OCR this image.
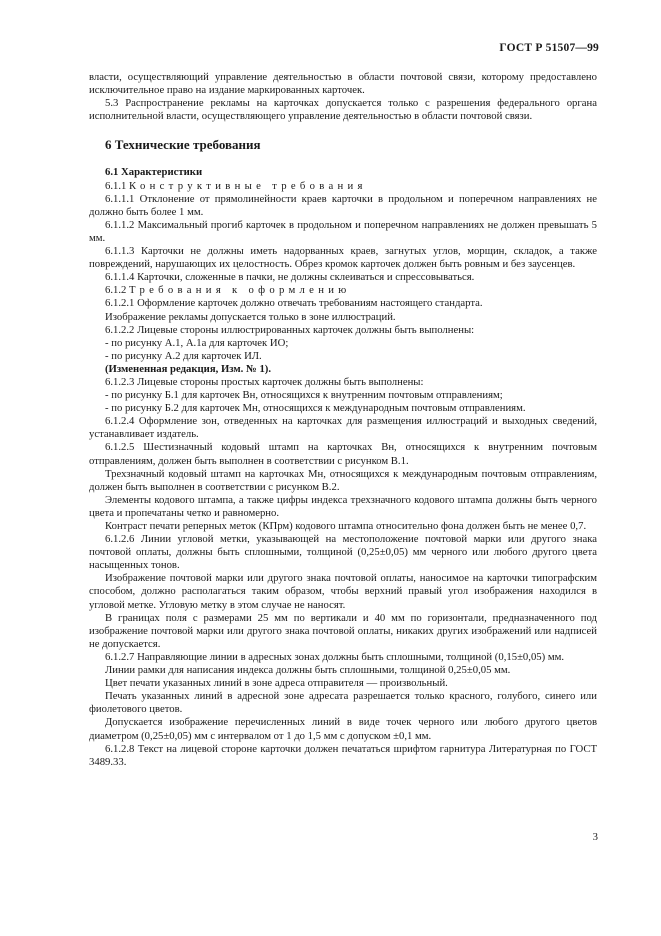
ГОСТ Р 51507—99

власти, осуществляющий управление деятельностью в области почтовой связи, которому предоставлено исключительное право на издание маркированных карточек.

5.3 Распространение рекламы на карточках допускается только с разрешения федерального органа исполнительной власти, осуществляющего управление деятельностью в области почтовой связи.

6 Технические требования

6.1 Характеристики

6.1.1 Конструктивные требования

6.1.1.1 Отклонение от прямолинейности краев карточки в продольном и поперечном направлениях не должно быть более 1 мм.

6.1.1.2 Максимальный прогиб карточек в продольном и поперечном направлениях не должен превышать 5 мм.

6.1.1.3 Карточки не должны иметь надорванных краев, загнутых углов, морщин, складок, а также повреждений, нарушающих их целостность. Обрез кромок карточек должен быть ровным и без заусенцев.

6.1.1.4 Карточки, сложенные в пачки, не должны склеиваться и спрессовываться.

6.1.2 Требования к оформлению

6.1.2.1 Оформление карточек должно отвечать требованиям настоящего стандарта.

Изображение рекламы допускается только в зоне иллюстраций.

6.1.2.2 Лицевые стороны иллюстрированных карточек должны быть выполнены:

- по рисунку А.1, А.1а для карточек ИО;

- по рисунку А.2 для карточек ИЛ.

(Измененная редакция, Изм. № 1).

6.1.2.3 Лицевые стороны простых карточек должны быть выполнены:

- по рисунку Б.1 для карточек Вн, относящихся к внутренним почтовым отправлениям;

- по рисунку Б.2 для карточек Мн, относящихся к международным почтовым отправлениям.

6.1.2.4 Оформление зон, отведенных на карточках для размещения иллюстраций и выходных сведений, устанавливает издатель.

6.1.2.5 Шестизначный кодовый штамп на карточках Вн, относящихся к внутренним почтовым отправлениям, должен быть выполнен в соответствии с рисунком В.1.

Трехзначный кодовый штамп на карточках Мн, относящихся к международным почтовым отправлениям, должен быть выполнен в соответствии с рисунком В.2.

Элементы кодового штампа, а также цифры индекса трехзначного кодового штампа должны быть черного цвета и пропечатаны четко и равномерно.

Контраст печати реперных меток (КПрм) кодового штампа относительно фона должен быть не менее 0,7.

6.1.2.6 Линии угловой метки, указывающей на местоположение почтовой марки или другого знака почтовой оплаты, должны быть сплошными, толщиной (0,25±0,05) мм черного или любого другого цвета насыщенных тонов.

Изображение почтовой марки или другого знака почтовой оплаты, наносимое на карточки типографским способом, должно располагаться таким образом, чтобы верхний правый угол изображения находился в угловой метке. Угловую метку в этом случае не наносят.

В границах поля с размерами 25 мм по вертикали и 40 мм по горизонтали, предназначенного под изображение почтовой марки или другого знака почтовой оплаты, никаких других изображений или надписей не допускается.

6.1.2.7 Направляющие линии в адресных зонах должны быть сплошными, толщиной (0,15±0,05) мм.

Линии рамки для написания индекса должны быть сплошными, толщиной 0,25±0,05 мм.

Цвет печати указанных линий в зоне адреса отправителя — произвольный.

Печать указанных линий в адресной зоне адресата разрешается только красного, голубого, синего или фиолетового цветов.

Допускается изображение перечисленных линий в виде точек черного или любого другого цветов диаметром (0,25±0,05) мм с интервалом от 1 до 1,5 мм с допуском ±0,1 мм.

6.1.2.8 Текст на лицевой стороне карточки должен печататься шрифтом гарнитура Литературная по ГОСТ 3489.33.

3
